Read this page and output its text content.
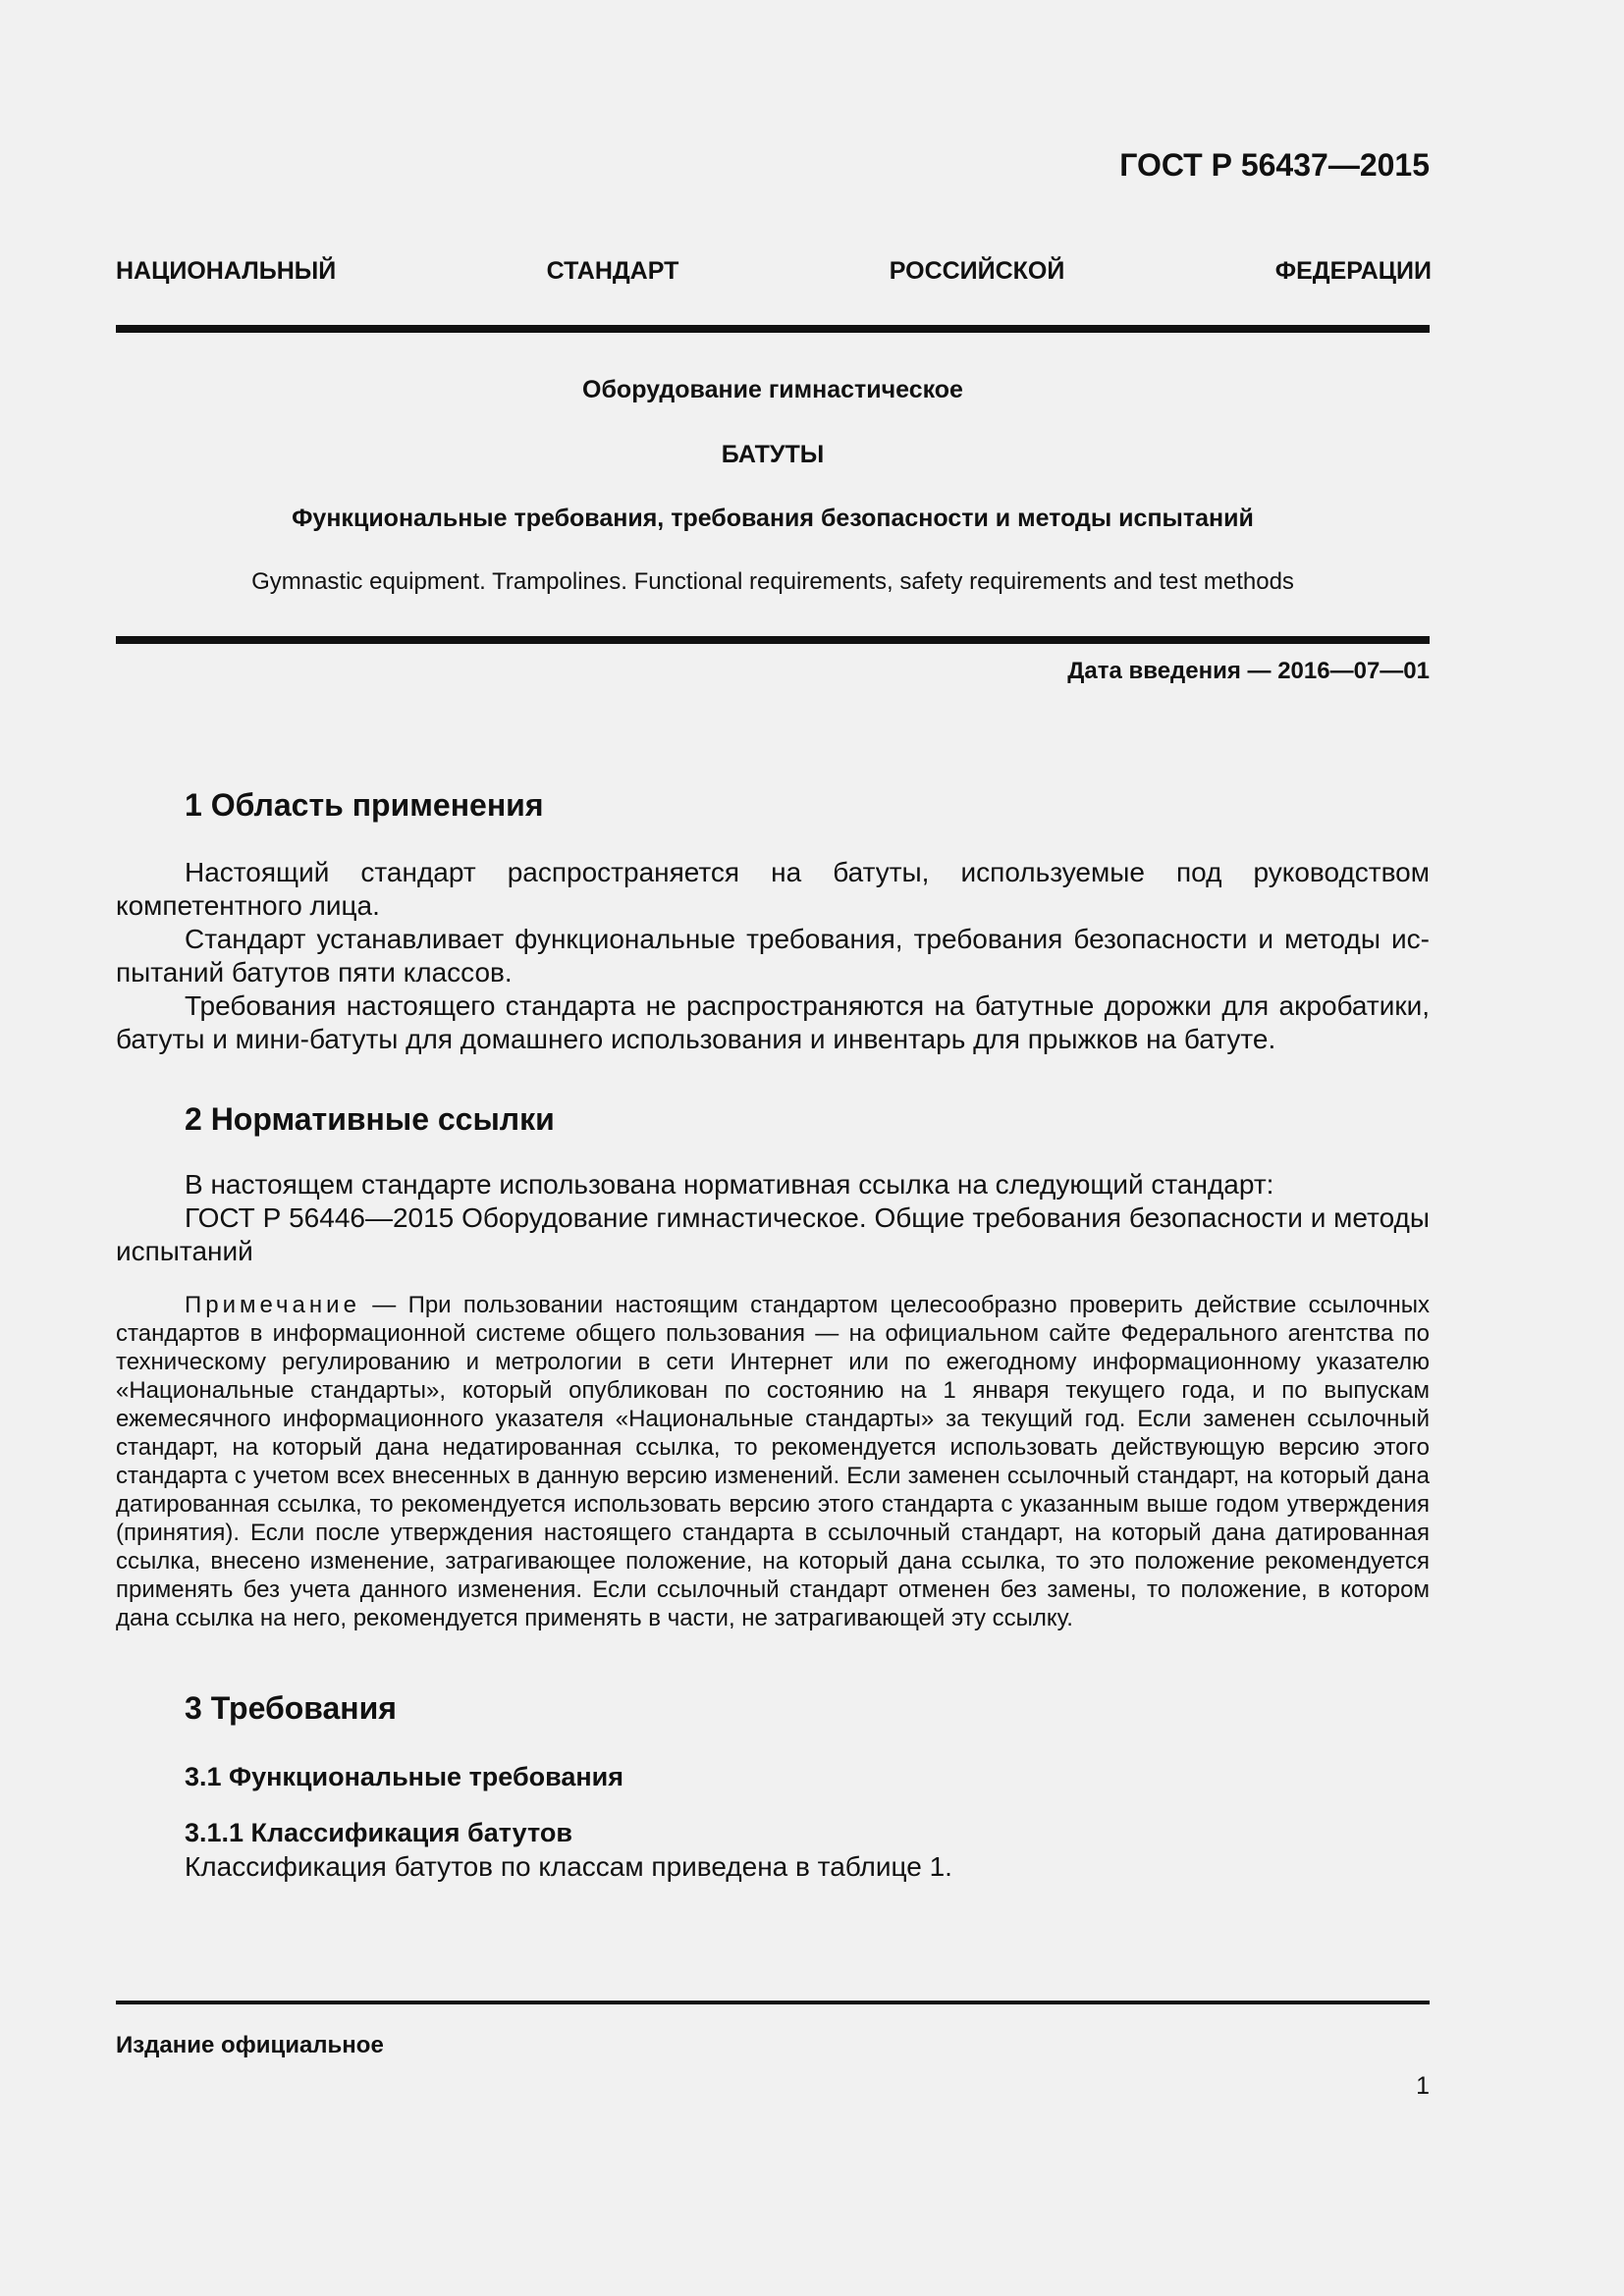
ГОСТ Р 56437—2015
НАЦИОНАЛЬНЫЙ СТАНДАРТ РОССИЙСКОЙ ФЕДЕРАЦИИ
Оборудование гимнастическое
БАТУТЫ
Функциональные требования, требования безопасности и методы испытаний
Gymnastic equipment. Trampolines. Functional requirements, safety requirements and test methods
Дата введения — 2016—07—01
1 Область применения

Настоящий стандарт распространяется на батуты, используемые под руководством компетентного лица.

Стандарт устанавливает функциональные требования, требования безопасности и методы испытаний батутов пяти классов.

Требования настоящего стандарта не распространяются на батутные дорожки для акробатики, батуты и мини-батуты для домашнего использования и инвентарь для прыжков на батуте.

2 Нормативные ссылки

В настоящем стандарте использована нормативная ссылка на следующий стандарт:

ГОСТ Р 56446—2015 Оборудование гимнастическое. Общие требования безопасности и методы испытаний

Примечание — При пользовании настоящим стандартом целесообразно проверить действие ссылочных стандартов в информационной системе общего пользования — на официальном сайте Федерального агентства по техническому регулированию и метрологии в сети Интернет или по ежегодному информационному указателю «Национальные стандарты», который опубликован по состоянию на 1 января текущего года, и по выпускам ежемесячного информационного указателя «Национальные стандарты» за текущий год. Если заменен ссылочный стандарт, на который дана недатированная ссылка, то рекомендуется использовать действующую версию этого стандарта с учетом всех внесенных в данную версию изменений. Если заменен ссылочный стандарт, на который дана датированная ссылка, то рекомендуется использовать версию этого стандарта с указанным выше годом утверждения (принятия). Если после утверждения настоящего стандарта в ссылочный стандарт, на который дана датированная ссылка, внесено изменение, затрагивающее положение, на который дана ссылка, то это положение рекомендуется применять без учета данного изменения. Если ссылочный стандарт отменен без замены, то положение, в котором дана ссылка на него, рекомендуется применять в части, не затрагивающей эту ссылку.

3 Требования
3.1 Функциональные требования
3.1.1 Классификация батутов
Классификация батутов по классам приведена в таблице 1.
Издание официальное
1
